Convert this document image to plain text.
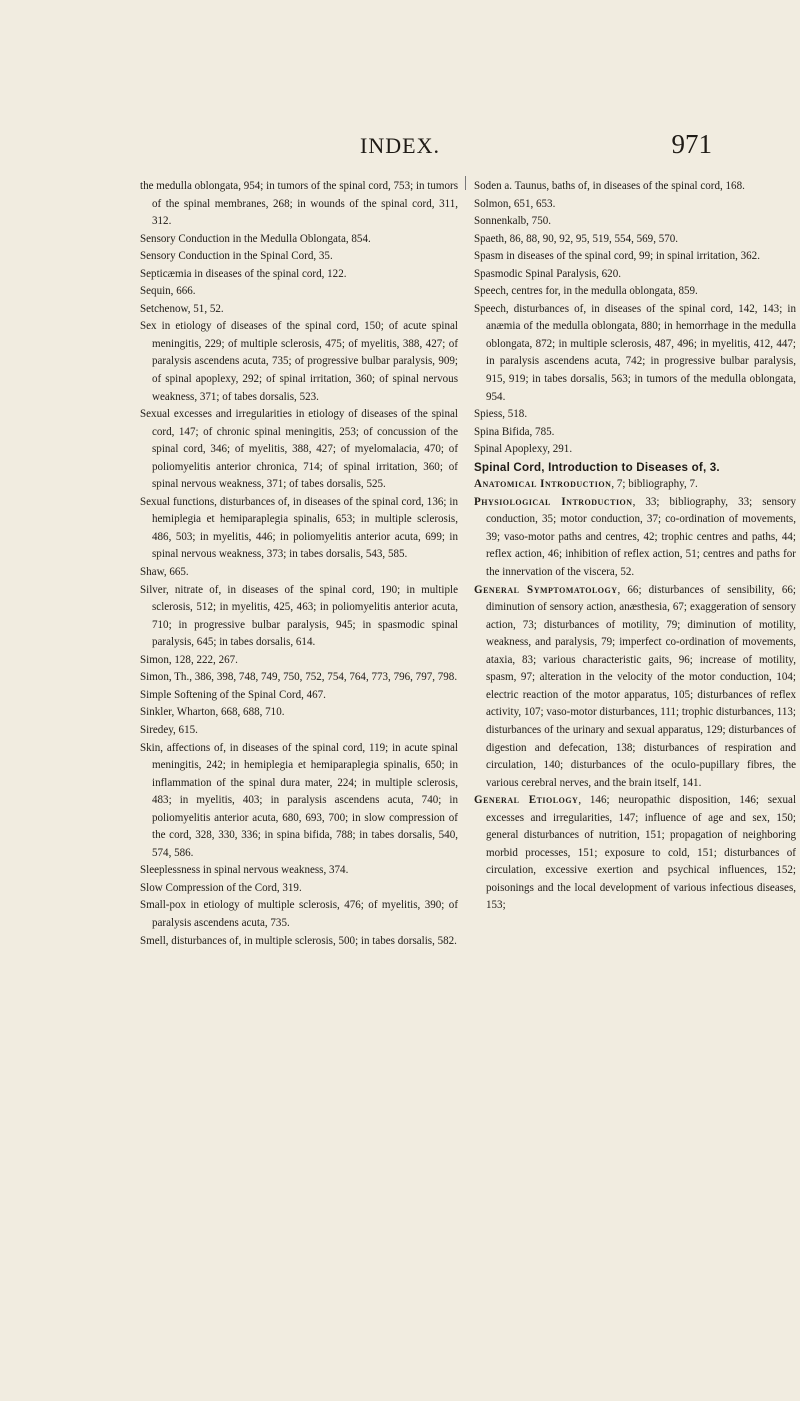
INDEX.	971

the medulla oblongata, 954; in tumors of the spinal cord, 753; in tumors of the spinal membranes, 268; in wounds of the spinal cord, 311, 312.

Sensory Conduction in the Medulla Oblongata, 854.

Sensory Conduction in the Spinal Cord, 35.

Septicæmia in diseases of the spinal cord, 122.

Sequin, 666.

Setchenow, 51, 52.

Sex in etiology of diseases of the spinal cord, 150; of acute spinal meningitis, 229; of multiple sclerosis, 475; of myelitis, 388, 427; of paralysis ascendens acuta, 735; of progressive bulbar paralysis, 909; of spinal apoplexy, 292; of spinal irritation, 360; of spinal nervous weakness, 371; of tabes dorsalis, 523.

Sexual excesses and irregularities in etiology of diseases of the spinal cord, 147; of chronic spinal meningitis, 253; of concussion of the spinal cord, 346; of myelitis, 388, 427; of myelomalacia, 470; of poliomyelitis anterior chronica, 714; of spinal irritation, 360; of spinal nervous weakness, 371; of tabes dorsalis, 525.

Sexual functions, disturbances of, in diseases of the spinal cord, 136; in hemiplegia et hemiparaplegia spinalis, 653; in multiple sclerosis, 486, 503; in myelitis, 446; in poliomyelitis anterior acuta, 699; in spinal nervous weakness, 373; in tabes dorsalis, 543, 585.

Shaw, 665.

Silver, nitrate of, in diseases of the spinal cord, 190; in multiple sclerosis, 512; in myelitis, 425, 463; in poliomyelitis anterior acuta, 710; in progressive bulbar paralysis, 945; in spasmodic spinal paralysis, 645; in tabes dorsalis, 614.

Simon, 128, 222, 267.

Simon, Th., 386, 398, 748, 749, 750, 752, 754, 764, 773, 796, 797, 798.

Simple Softening of the Spinal Cord, 467.

Sinkler, Wharton, 668, 688, 710.

Siredey, 615.

Skin, affections of, in diseases of the spinal cord, 119; in acute spinal meningitis, 242; in hemiplegia et hemiparaplegia spinalis, 650; in inflammation of the spinal dura mater, 224; in multiple sclerosis, 483; in myelitis, 403; in paralysis ascendens acuta, 740; in poliomyelitis anterior acuta, 680, 693, 700; in slow compression of the cord, 328, 330, 336; in spina bifida, 788; in tabes dorsalis, 540, 574, 586.

Sleeplessness in spinal nervous weakness, 374.

Slow Compression of the Cord, 319.

Small-pox in etiology of multiple sclerosis, 476; of myelitis, 390; of paralysis ascendens acuta, 735.

Smell, disturbances of, in multiple sclerosis, 500; in tabes dorsalis, 582.

Soden a. Taunus, baths of, in diseases of the spinal cord, 168.

Solmon, 651, 653.

Sonnenkalb, 750.

Spaeth, 86, 88, 90, 92, 95, 519, 554, 569, 570.

Spasm in diseases of the spinal cord, 99; in spinal irritation, 362.

Spasmodic Spinal Paralysis, 620.

Speech, centres for, in the medulla oblongata, 859.

Speech, disturbances of, in diseases of the spinal cord, 142, 143; in anæmia of the medulla oblongata, 880; in hemorrhage in the medulla oblongata, 872; in multiple sclerosis, 487, 496; in myelitis, 412, 447; in paralysis ascendens acuta, 742; in progressive bulbar paralysis, 915, 919; in tabes dorsalis, 563; in tumors of the medulla oblongata, 954.

Spiess, 518.

Spina Bifida, 785.

Spinal Apoplexy, 291.

Spinal Cord, Introduction to Diseases of, 3.

Anatomical Introduction, 7; bibliography, 7.

Physiological Introduction, 33; bibliography, 33; sensory conduction, 35; motor conduction, 37; co-ordination of movements, 39; vaso-motor paths and centres, 42; trophic centres and paths, 44; reflex action, 46; inhibition of reflex action, 51; centres and paths for the innervation of the viscera, 52.

General Symptomatology, 66; disturbances of sensibility, 66; diminution of sensory action, anæsthesia, 67; exaggeration of sensory action, 73; disturbances of motility, 79; diminution of motility, weakness, and paralysis, 79; imperfect co-ordination of movements, ataxia, 83; various characteristic gaits, 96; increase of motility, spasm, 97; alteration in the velocity of the motor conduction, 104; electric reaction of the motor apparatus, 105; disturbances of reflex activity, 107; vaso-motor disturbances, 111; trophic disturbances, 113; disturbances of the urinary and sexual apparatus, 129; disturbances of digestion and defecation, 138; disturbances of respiration and circulation, 140; disturbances of the oculo-pupillary fibres, the various cerebral nerves, and the brain itself, 141.

General Etiology, 146; neuropathic disposition, 146; sexual excesses and irregularities, 147; influence of age and sex, 150; general disturbances of nutrition, 151; propagation of neighboring morbid processes, 151; exposure to cold, 151; disturbances of circulation, excessive exertion and psychical influences, 152; poisonings and the local development of various infectious diseases, 153;
